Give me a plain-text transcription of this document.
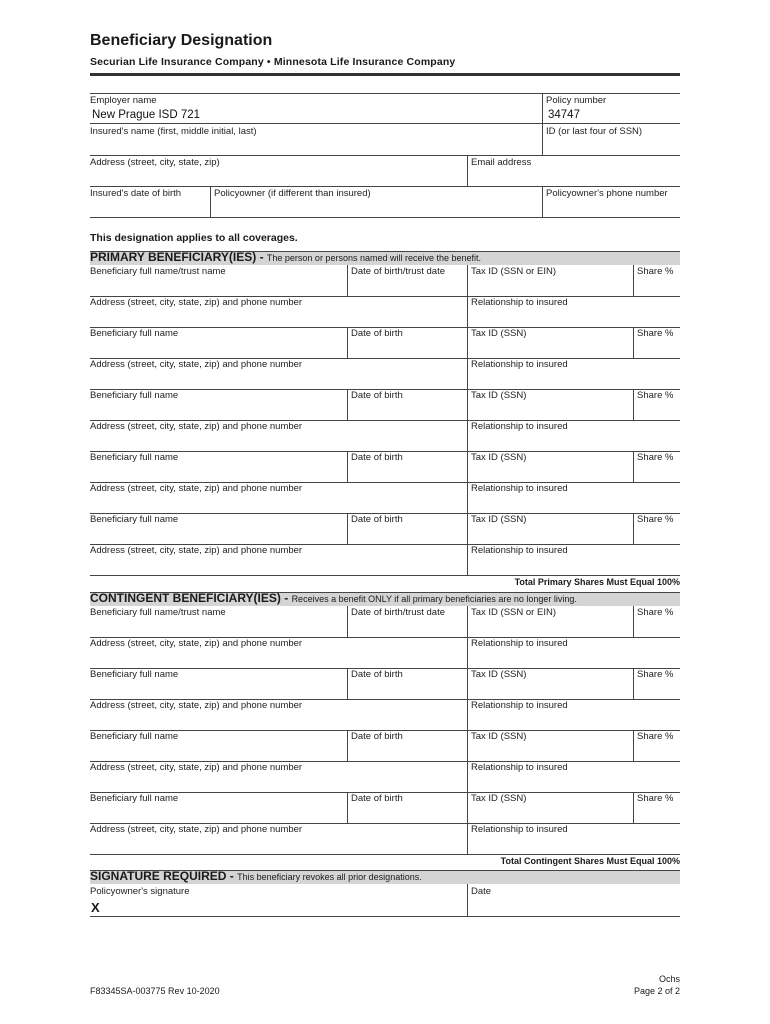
Beneficiary Designation
Securian Life Insurance Company • Minnesota Life Insurance Company
Employer name
New Prague ISD 721
Policy number
34747
Insured's name (first, middle initial, last)	ID (or last four of SSN)
Address (street, city, state, zip)	Email address
Insured's date of birth	Policyowner (if different than insured)	Policyowner's phone number
This designation applies to all coverages.
PRIMARY BENEFICIARY(IES) - The person or persons named will receive the benefit.
Beneficiary full name/trust name	Date of birth/trust date	Tax ID (SSN or EIN)	Share %
Address (street, city, state, zip) and phone number	Relationship to insured
Beneficiary full name	Date of birth	Tax ID (SSN)	Share %
Address (street, city, state, zip) and phone number	Relationship to insured
Beneficiary full name	Date of birth	Tax ID (SSN)	Share %
Address (street, city, state, zip) and phone number	Relationship to insured
Beneficiary full name	Date of birth	Tax ID (SSN)	Share %
Address (street, city, state, zip) and phone number	Relationship to insured
Beneficiary full name	Date of birth	Tax ID (SSN)	Share %
Address (street, city, state, zip) and phone number	Relationship to insured
Total Primary Shares Must Equal 100%
CONTINGENT BENEFICIARY(IES) - Receives a benefit ONLY if all primary beneficiaries are no longer living.
Beneficiary full name/trust name	Date of birth/trust date	Tax ID (SSN or EIN)	Share %
Address (street, city, state, zip) and phone number	Relationship to insured
Beneficiary full name	Date of birth	Tax ID (SSN)	Share %
Address (street, city, state, zip) and phone number	Relationship to insured
Beneficiary full name	Date of birth	Tax ID (SSN)	Share %
Address (street, city, state, zip) and phone number	Relationship to insured
Beneficiary full name	Date of birth	Tax ID (SSN)	Share %
Address (street, city, state, zip) and phone number	Relationship to insured
Total Contingent Shares Must Equal 100%
SIGNATURE REQUIRED - This beneficiary revokes all prior designations.
Policyowner's signature
X
Date
F83345SA-003775 Rev 10-2020
Ochs
Page 2 of 2
